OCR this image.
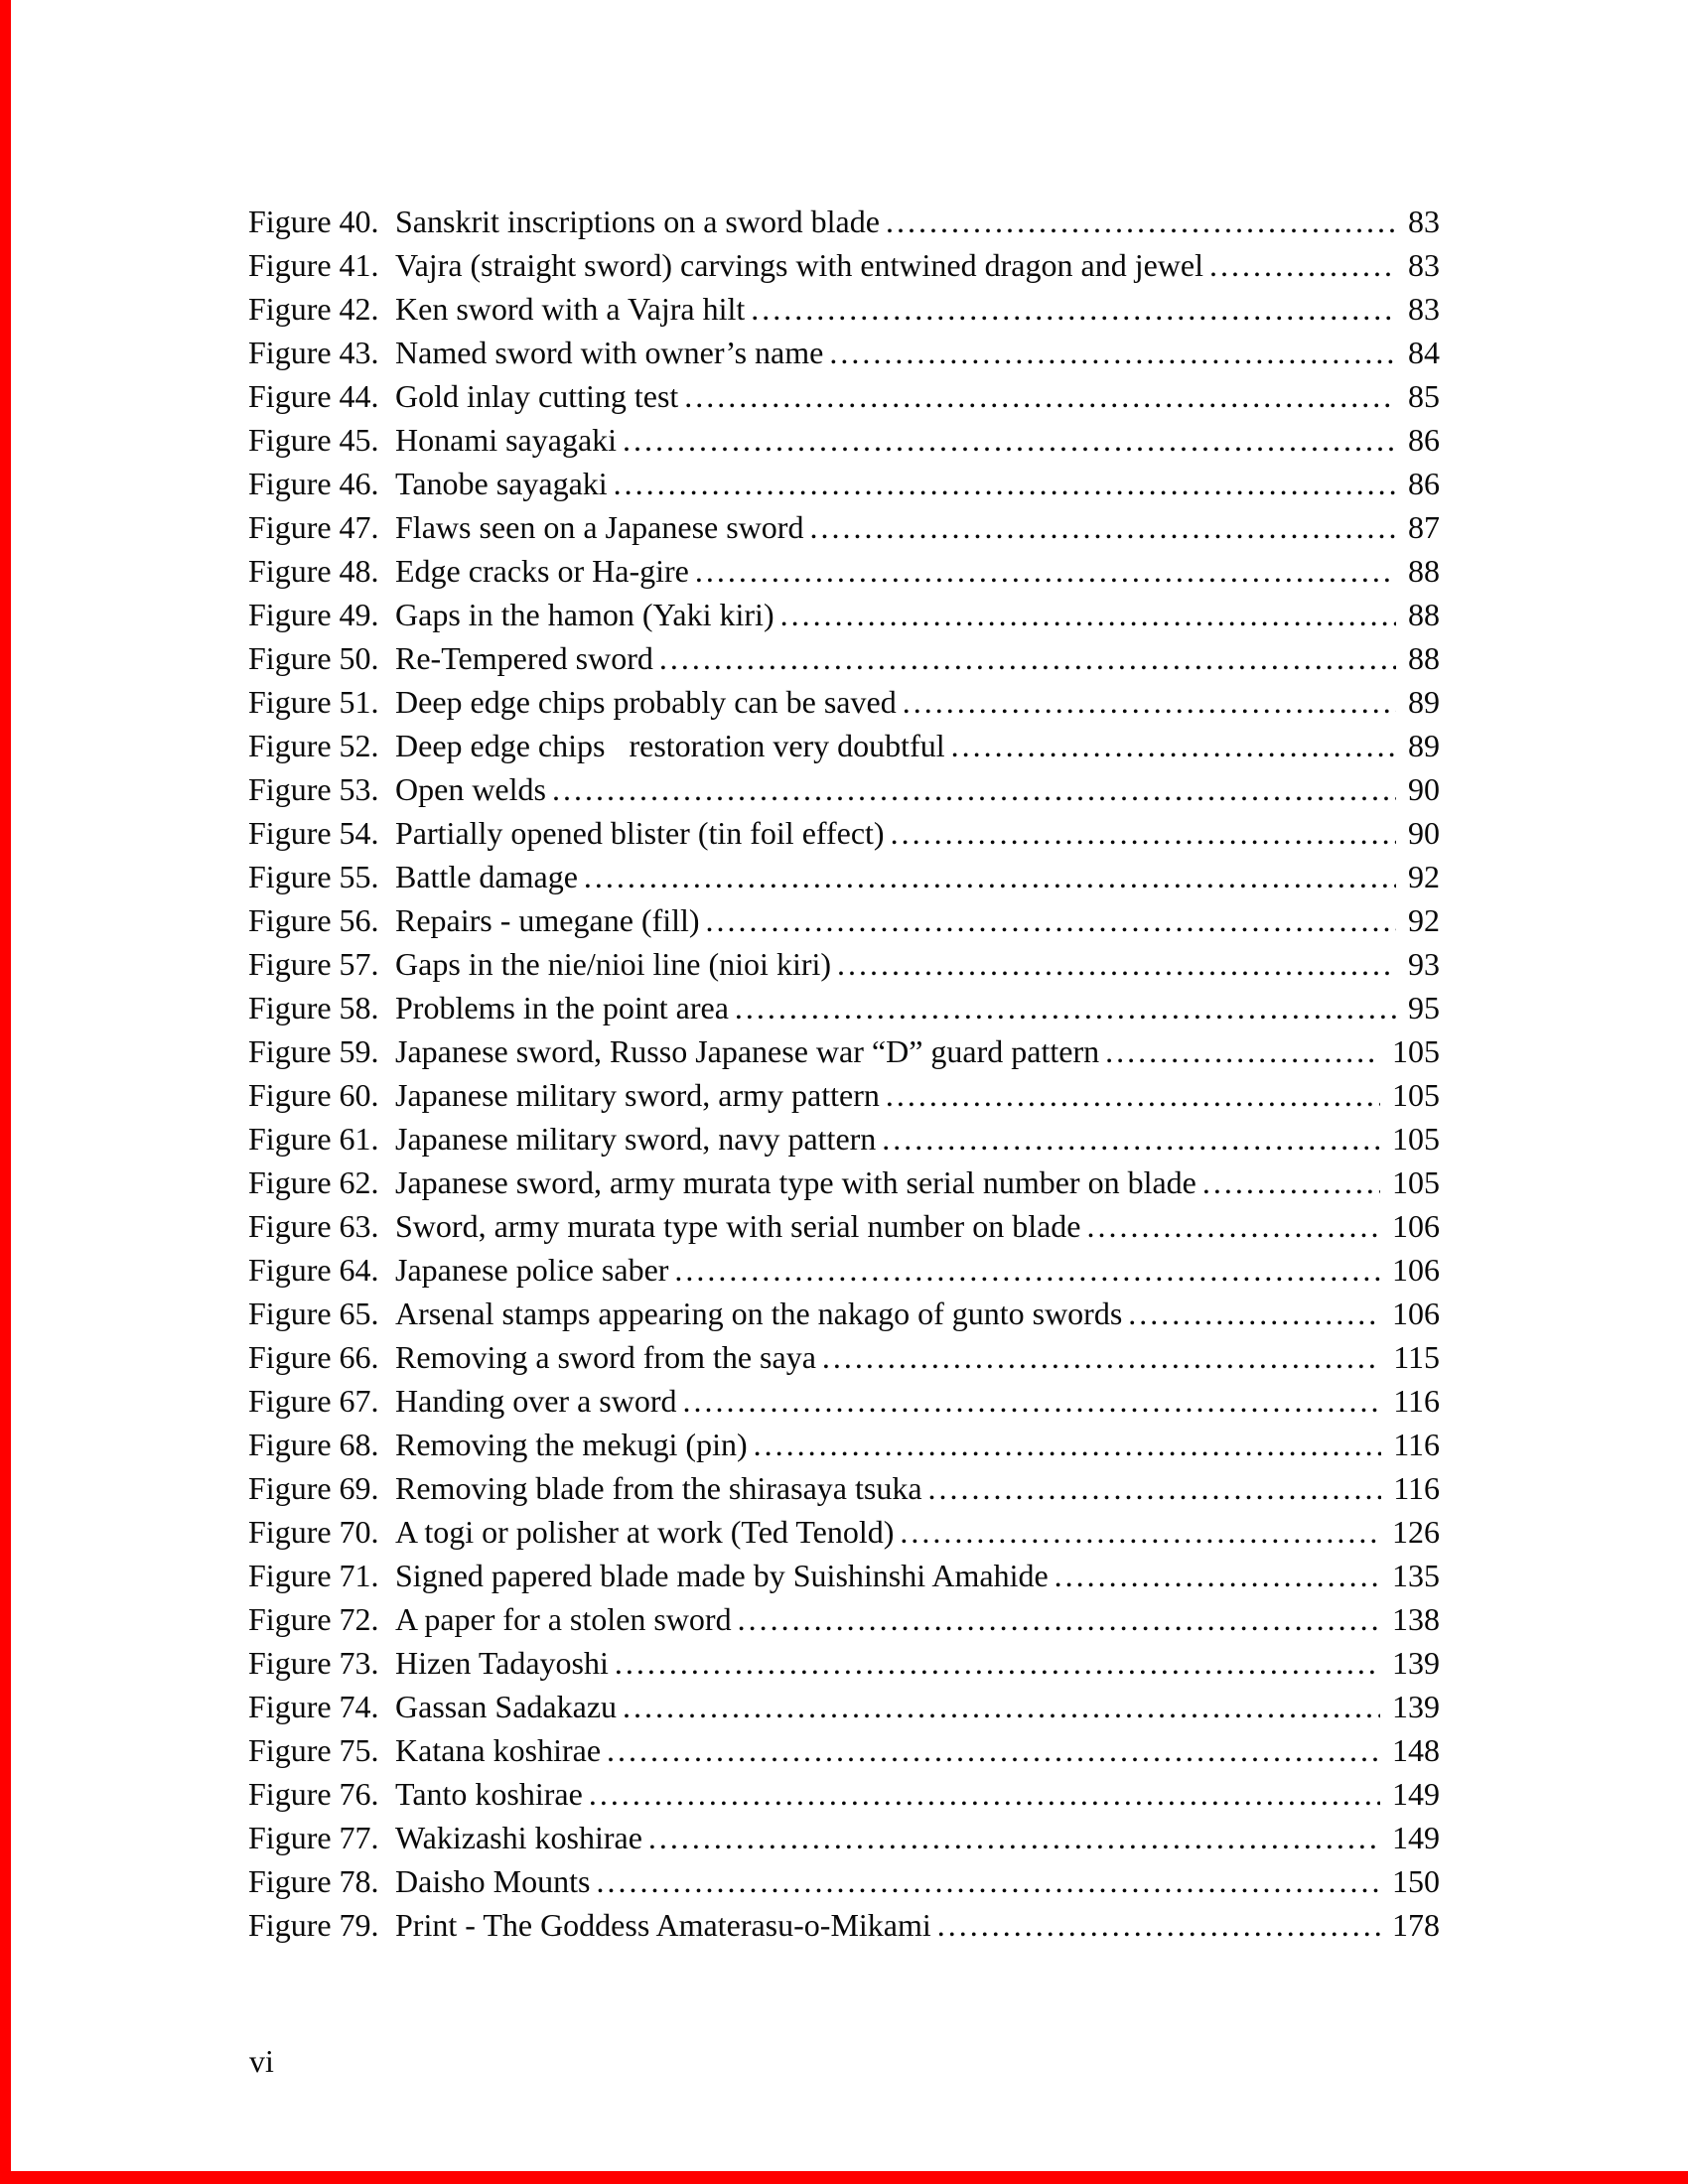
Figure 40. Sanskrit inscriptions on a sword blade .....	83
Figure 41. Vajra (straight sword) carvings with entwined dragon and jewel .....	83
Figure 42. Ken sword with a Vajra hilt .....	83
Figure 43. Named sword with owner’s name .....	84
Figure 44. Gold inlay cutting test .....	85
Figure 45. Honami sayagaki .....	86
Figure 46. Tanobe sayagaki .....	86
Figure 47. Flaws seen on a Japanese sword .....	87
Figure 48. Edge cracks or Ha-gire .....	88
Figure 49. Gaps in the hamon (Yaki kiri) .....	88
Figure 50. Re-Tempered sword .....	88
Figure 51. Deep edge chips probably can be saved .....	89
Figure 52. Deep edge chips   restoration very doubtful .....	89
Figure 53. Open welds .....	90
Figure 54. Partially opened blister (tin foil effect) .....	90
Figure 55. Battle damage .....	92
Figure 56. Repairs - umegane (fill) .....	92
Figure 57. Gaps in the nie/nioi line (nioi kiri) .....	93
Figure 58. Problems in the point area .....	95
Figure 59. Japanese sword, Russo Japanese war “D” guard pattern .....	105
Figure 60. Japanese military sword, army pattern .....	105
Figure 61. Japanese military sword, navy pattern .....	105
Figure 62. Japanese sword, army murata type with serial number on blade .....	105
Figure 63. Sword, army murata type with serial number on blade .....	106
Figure 64. Japanese police saber .....	106
Figure 65. Arsenal stamps appearing on the nakago of gunto swords .....	106
Figure 66. Removing a sword from the saya .....	115
Figure 67. Handing over a sword .....	116
Figure 68. Removing the mekugi (pin) .....	116
Figure 69. Removing blade from the shirasaya tsuka .....	116
Figure 70. A togi or polisher at work (Ted Tenold) .....	126
Figure 71. Signed papered blade made by Suishinshi Amahide .....	135
Figure 72. A paper for a stolen sword .....	138
Figure 73. Hizen Tadayoshi .....	139
Figure 74. Gassan Sadakazu .....	139
Figure 75. Katana koshirae .....	148
Figure 76. Tanto koshirae .....	149
Figure 77. Wakizashi koshirae .....	149
Figure 78. Daisho Mounts .....	150
Figure 79. Print - The Goddess Amaterasu-o-Mikami .....	178
vi
